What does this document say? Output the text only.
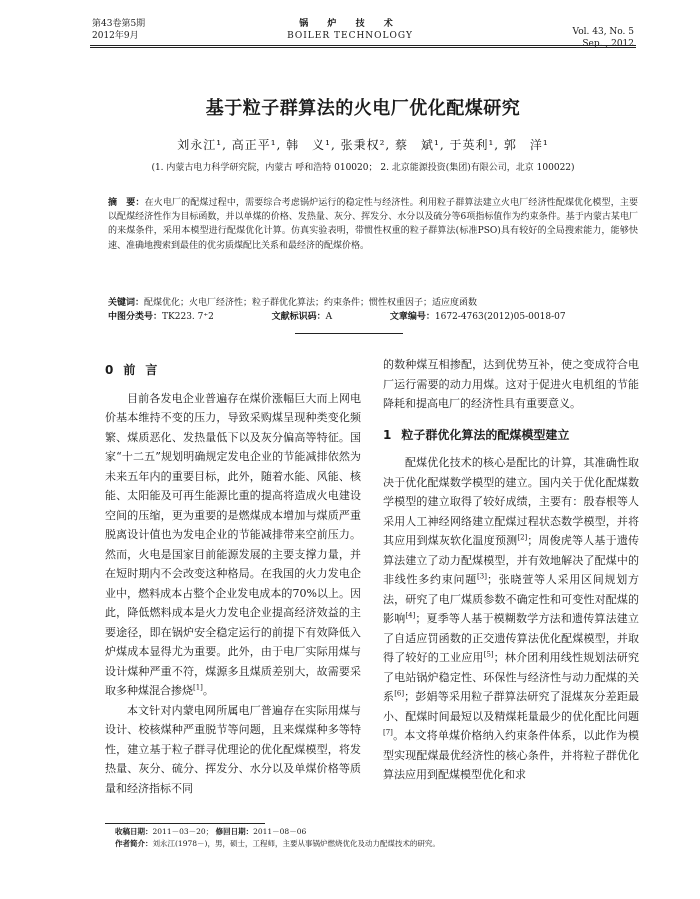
第43卷第5期
2012年9月
锅 炉 技 术
BOILER TECHNOLOGY	Vol. 43, No. 5
Sep. , 2012
基于粒子群算法的火电厂优化配煤研究
刘永江¹, 高正平¹, 韩　义¹, 张秉权², 蔡　斌¹, 于英利¹, 郭　洋¹
(1. 内蒙古电力科学研究院，内蒙古 呼和浩特 010020； 2. 北京能源投资(集团)有限公司，北京 100022)
摘　要：在火电厂的配煤过程中，需要综合考虑锅炉运行的稳定性与经济性。利用粒子群算法建立火电厂经济性配煤优化模型，主要以配煤经济性作为目标函数，并以单煤的价格、发热量、灰分、挥发分、水分以及硫分等6项指标值作为约束条件。基于内蒙古某电厂的来煤条件，采用本模型进行配煤优化计算。仿真实验表明，带惯性权重的粒子群算法(标准PSO)具有较好的全局搜索能力，能够快速、准确地搜索到最佳的优劣质煤配比关系和最经济的配煤价格。
关键词：配煤优化；火电厂经济性；粒子群优化算法；约束条件；惯性权重因子；适应度函数
中图分类号：TK223. 7⁺2	文献标识码：A	文章编号：1672-4763(2012)05-0018-07
0 前言

目前各发电企业普遍存在煤价涨幅巨大而上网电价基本维持不变的压力，导致采购煤呈现种类变化频繁、煤质恶化、发热量低下以及灰分偏高等特征。国家“十二五”规划明确规定发电企业的节能减排依然为未来五年内的重要目标，此外，随着水能、风能、核能、太阳能及可再生能源比重的提高将造成火电建设空间的压缩，更为重要的是燃煤成本增加与煤质严重脱离设计值也为发电企业的节能减排带来空前压力。然而，火电是国家目前能源发展的主要支撑力量，并在短时期内不会改变这种格局。在我国的火力发电企业中，燃料成本占整个企业发电成本的70%以上。因此，降低燃料成本是火力发电企业提高经济效益的主要途径，即在锅炉安全稳定运行的前提下有效降低入炉煤成本显得尤为重要。此外，由于电厂实际用煤与设计煤种严重不符，煤源多且煤质差别大，故需要采取多种煤混合掺烧[1]。

本文针对内蒙电网所属电厂普遍存在实际用煤与设计、校核煤种严重脱节等问题，且来煤煤种多等特性，建立基于粒子群寻优理论的优化配煤模型，将发热量、灰分、硫分、挥发分、水分以及单煤价格等质量和经济指标不同

的数种煤互相掺配，达到优势互补，使之变成符合电厂运行需要的动力用煤。这对于促进火电机组的节能降耗和提高电厂的经济性具有重要意义。

1 粒子群优化算法的配煤模型建立

配煤优化技术的核心是配比的计算，其准确性取决于优化配煤数学模型的建立。国内关于优化配煤数学模型的建立取得了较好成绩，主要有：殷春根等人采用人工神经网络建立配煤过程状态数学模型，并将其应用到煤灰软化温度预测[2]；周俊虎等人基于遗传算法建立了动力配煤模型，并有效地解决了配煤中的非线性多约束问题[3]；张晓萱等人采用区间规划方法，研究了电厂煤质参数不确定性和可变性对配煤的影响[4]；夏季等人基于模糊数学方法和遗传算法建立了自适应罚函数的正交遗传算法优化配煤模型，并取得了较好的工业应用[5]；林介团利用线性规划法研究了电站锅炉稳定性、环保性与经济性与动力配煤的关系[6]；彭娟等采用粒子群算法研究了混煤灰分差距最小、配煤时间最短以及精煤耗量最少的优化配比问题[7]。本文将单煤价格纳入约束条件体系，以此作为模型实现配煤最优经济性的核心条件，并将粒子群优化算法应用到配煤模型优化和求

收稿日期：2011－03－20； 修回日期：2011－08－06
作者简介：刘永江(1978－)，男，硕士，工程师，主要从事锅炉燃烧优化及动力配煤技术的研究。
